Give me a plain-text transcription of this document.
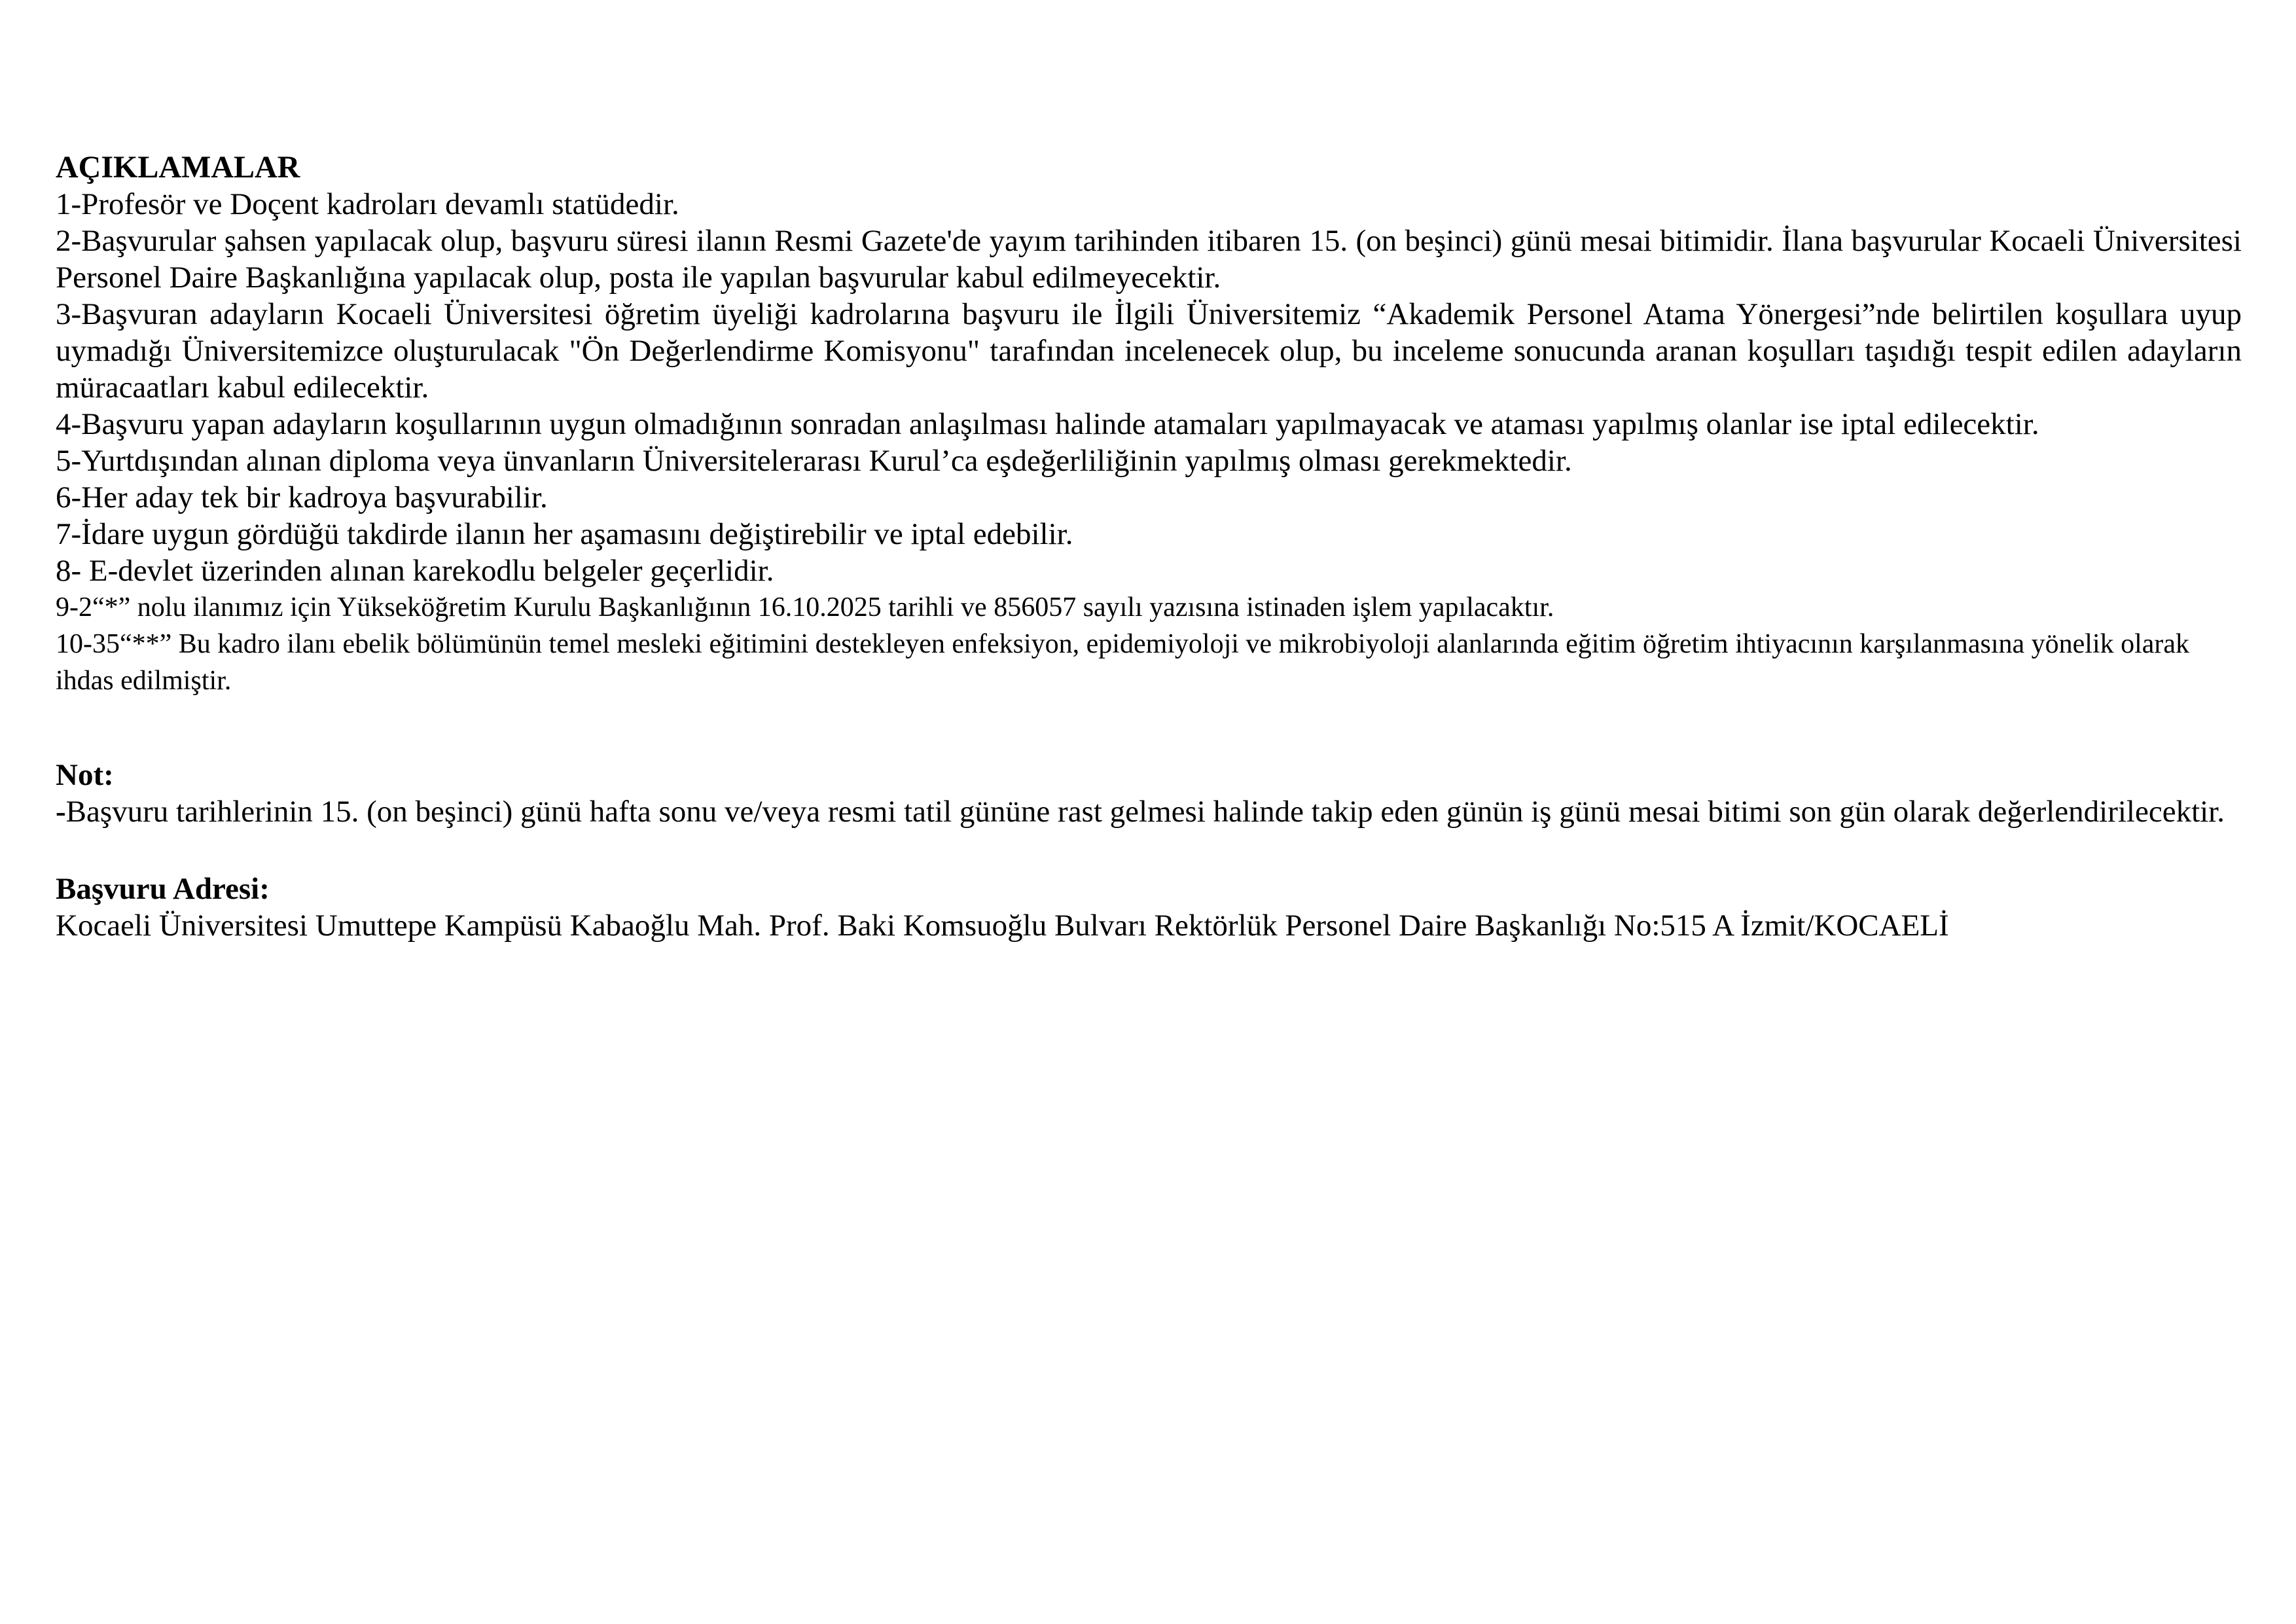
AÇIKLAMALAR

1-Profesör ve Doçent kadroları devamlı statüdedir.

2-Başvurular şahsen yapılacak olup, başvuru süresi ilanın Resmi Gazete'de yayım tarihinden itibaren 15. (on beşinci) günü mesai bitimidir. İlana başvurular Kocaeli Üniversitesi Personel Daire Başkanlığına yapılacak olup, posta ile yapılan başvurular kabul edilmeyecektir.

3-Başvuran adayların Kocaeli Üniversitesi öğretim üyeliği kadrolarına başvuru ile İlgili Üniversitemiz “Akademik Personel Atama Yönergesi”nde belirtilen koşullara uyup uymadığı Üniversitemizce oluşturulacak "Ön Değerlendirme Komisyonu" tarafından incelenecek olup, bu inceleme sonucunda aranan koşulları taşıdığı tespit edilen adayların müracaatları kabul edilecektir.

4-Başvuru yapan adayların koşullarının uygun olmadığının sonradan anlaşılması halinde atamaları yapılmayacak ve ataması yapılmış olanlar ise iptal edilecektir.

5-Yurtdışından alınan diploma veya ünvanların Üniversitelerarası Kurul’ca eşdeğerliliğinin yapılmış olması gerekmektedir.

6-Her aday tek bir kadroya başvurabilir.

7-İdare uygun gördüğü takdirde ilanın her aşamasını değiştirebilir ve iptal edebilir.

8- E-devlet üzerinden alınan karekodlu belgeler geçerlidir.

9-2“*” nolu ilanımız için Yükseköğretim Kurulu Başkanlığının 16.10.2025 tarihli ve 856057 sayılı yazısına istinaden işlem yapılacaktır.

10-35“**” Bu kadro ilanı ebelik bölümünün temel mesleki eğitimini destekleyen enfeksiyon, epidemiyoloji ve mikrobiyoloji alanlarında eğitim öğretim ihtiyacının karşılanmasına yönelik olarak ihdas edilmiştir.

Not:

-Başvuru tarihlerinin 15. (on beşinci) günü hafta sonu ve/veya resmi tatil gününe rast gelmesi halinde takip eden günün iş günü mesai bitimi son gün olarak değerlendirilecektir.

Başvuru Adresi:

Kocaeli Üniversitesi Umuttepe Kampüsü Kabaoğlu Mah. Prof. Baki Komsuoğlu Bulvarı Rektörlük Personel Daire Başkanlığı No:515 A İzmit/KOCAELİ
